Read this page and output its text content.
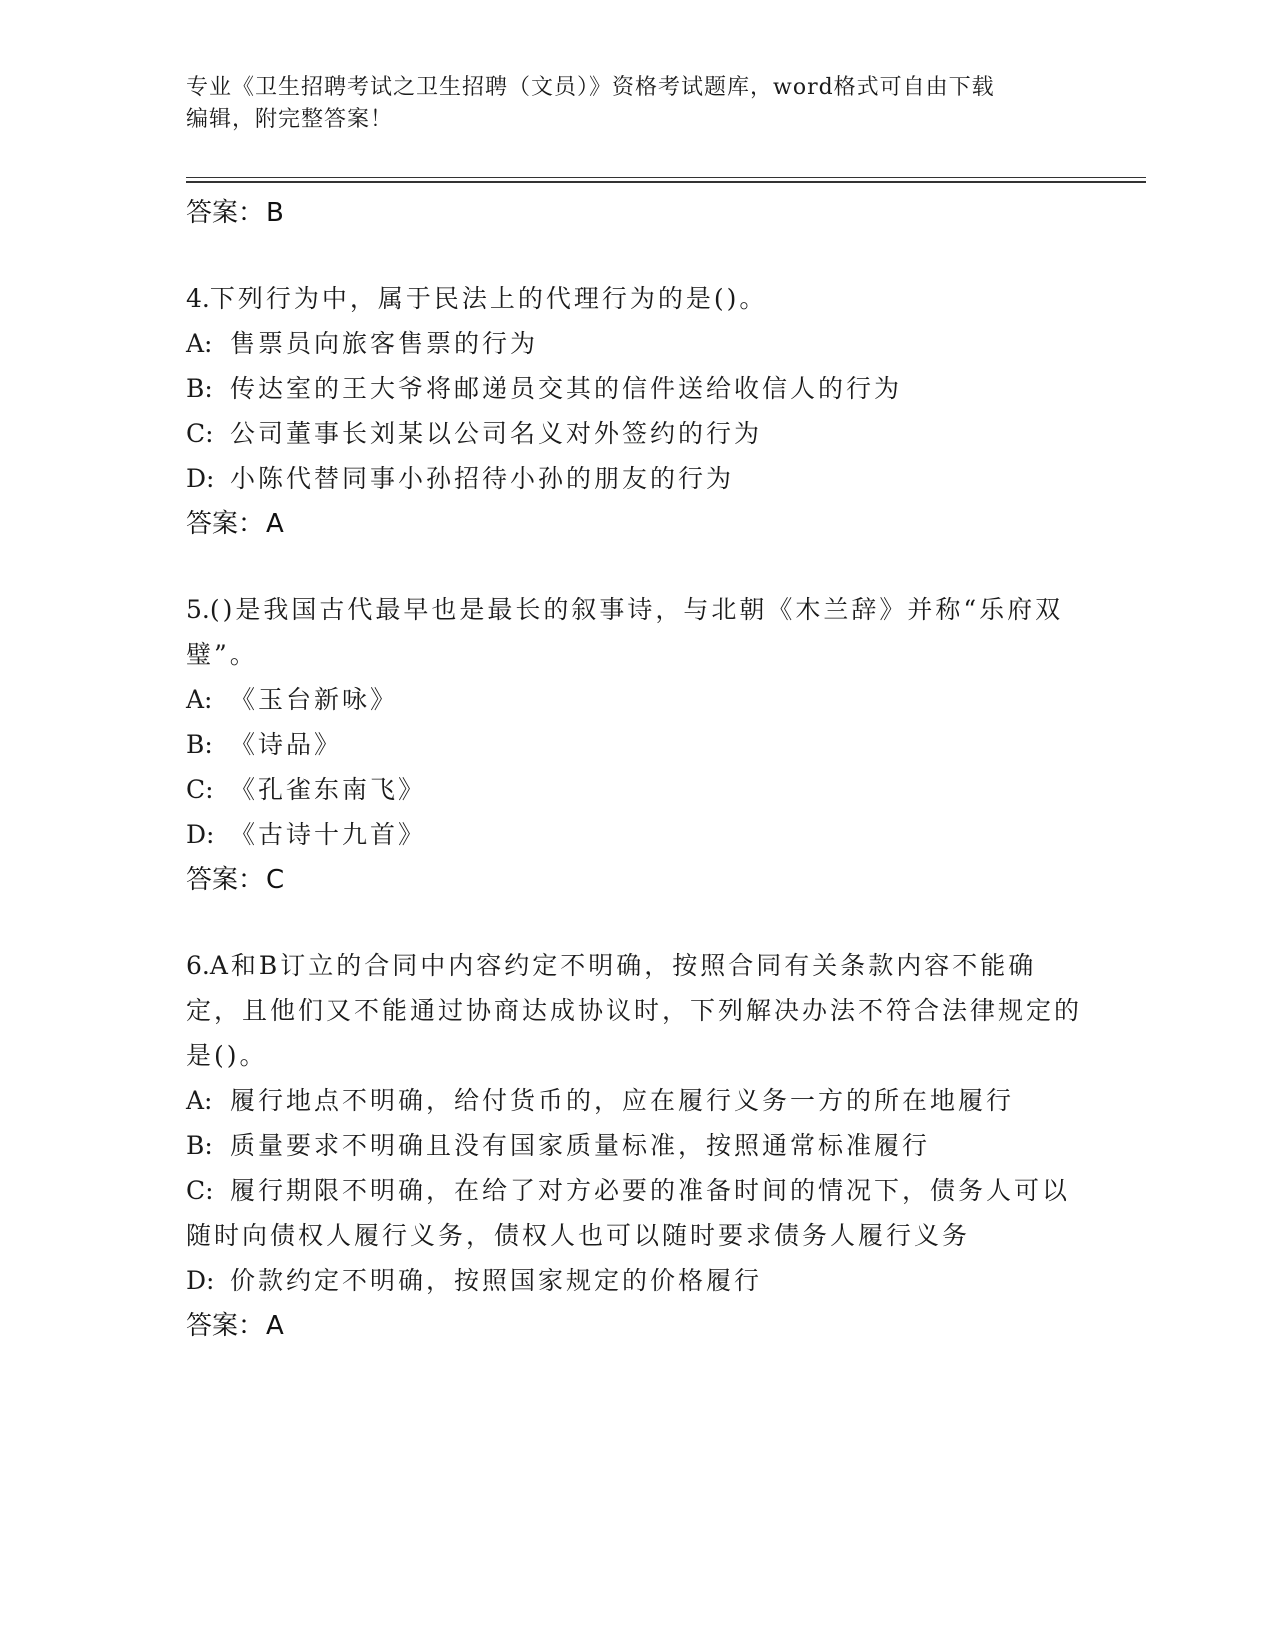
专业《卫生招聘考试之卫生招聘（文员）》资格考试题库，word格式可自由下载
编辑，附完整答案！
答案：B
4.下列行为中，属于民法上的代理行为的是()。
A: 售票员向旅客售票的行为
B: 传达室的王大爷将邮递员交其的信件送给收信人的行为
C: 公司董事长刘某以公司名义对外签约的行为
D: 小陈代替同事小孙招待小孙的朋友的行为
答案：A
5.()是我国古代最早也是最长的叙事诗，与北朝《木兰辞》并称“乐府双璧”。
A: 《玉台新咏》
B: 《诗品》
C: 《孔雀东南飞》
D: 《古诗十九首》
答案：C
6.A和B订立的合同中内容约定不明确，按照合同有关条款内容不能确定，且他们又不能通过协商达成协议时，下列解决办法不符合法律规定的是()。
A: 履行地点不明确，给付货币的，应在履行义务一方的所在地履行
B: 质量要求不明确且没有国家质量标准，按照通常标准履行
C: 履行期限不明确，在给了对方必要的准备时间的情况下，债务人可以随时向债权人履行义务，债权人也可以随时要求债务人履行义务
D: 价款约定不明确，按照国家规定的价格履行
答案：A
